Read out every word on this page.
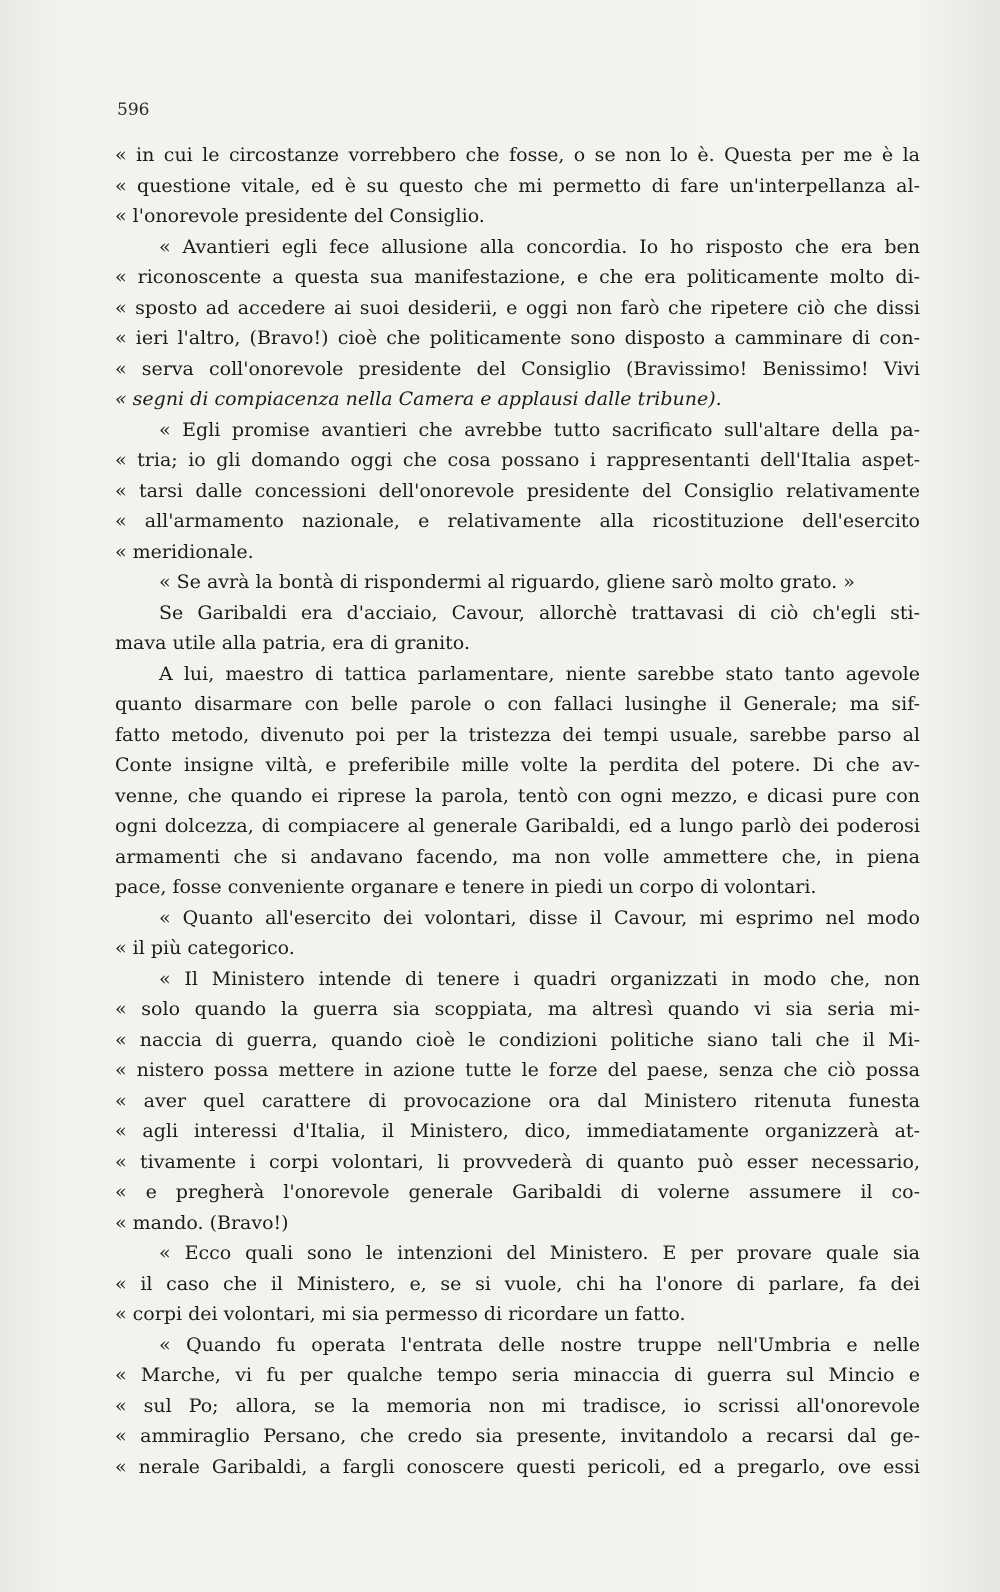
596
« in cui le circostanze vorrebbero che fosse, o se non lo è. Questa per me è la
« questione vitale, ed è su questo che mi permetto di fare un'interpellanza al-
« l'onorevole presidente del Consiglio.
« Avantieri egli fece allusione alla concordia. Io ho risposto che era ben
« riconoscente a questa sua manifestazione, e che era politicamente molto di-
« sposto ad accedere ai suoi desiderii, e oggi non farò che ripetere ciò che dissi
« ieri l'altro, (Bravo!) cioè che politicamente sono disposto a camminare di con-
« serva coll'onorevole presidente del Consiglio (Bravissimo! Benissimo! Vivi
« segni di compiacenza nella Camera e applausi dalle tribune).
« Egli promise avantieri che avrebbe tutto sacrificato sull'altare della pa-
« tria; io gli domando oggi che cosa possano i rappresentanti dell'Italia aspet-
« tarsi dalle concessioni dell'onorevole presidente del Consiglio relativamente
« all'armamento nazionale, e relativamente alla ricostituzione dell'esercito
« meridionale.
« Se avrà la bontà di rispondermi al riguardo, gliene sarò molto grato. »
Se Garibaldi era d'acciaio, Cavour, allorchè trattavasi di ciò ch'egli sti-
mava utile alla patria, era di granito.
A lui, maestro di tattica parlamentare, niente sarebbe stato tanto agevole
quanto disarmare con belle parole o con fallaci lusinghe il Generale; ma sif-
fatto metodo, divenuto poi per la tristezza dei tempi usuale, sarebbe parso al
Conte insigne viltà, e preferibile mille volte la perdita del potere. Di che av-
venne, che quando ei riprese la parola, tentò con ogni mezzo, e dicasi pure con
ogni dolcezza, di compiacere al generale Garibaldi, ed a lungo parlò dei poderosi
armamenti che si andavano facendo, ma non volle ammettere che, in piena
pace, fosse conveniente organare e tenere in piedi un corpo di volontari.
« Quanto all'esercito dei volontari, disse il Cavour, mi esprimo nel modo
« il più categorico.
« Il Ministero intende di tenere i quadri organizzati in modo che, non
« solo quando la guerra sia scoppiata, ma altresì quando vi sia seria mi-
« naccia di guerra, quando cioè le condizioni politiche siano tali che il Mi-
« nistero possa mettere in azione tutte le forze del paese, senza che ciò possa
« aver quel carattere di provocazione ora dal Ministero ritenuta funesta
« agli interessi d'Italia, il Ministero, dico, immediatamente organizzerà at-
« tivamente i corpi volontari, li provvederà di quanto può esser necessario,
« e pregherà l'onorevole generale Garibaldi di volerne assumere il co-
« mando. (Bravo!)
« Ecco quali sono le intenzioni del Ministero. E per provare quale sia
« il caso che il Ministero, e, se si vuole, chi ha l'onore di parlare, fa dei
« corpi dei volontari, mi sia permesso di ricordare un fatto.
« Quando fu operata l'entrata delle nostre truppe nell'Umbria e nelle
« Marche, vi fu per qualche tempo seria minaccia di guerra sul Mincio e
« sul Po; allora, se la memoria non mi tradisce, io scrissi all'onorevole
« ammiraglio Persano, che credo sia presente, invitandolo a recarsi dal ge-
« nerale Garibaldi, a fargli conoscere questi pericoli, ed a pregarlo, ove essi
